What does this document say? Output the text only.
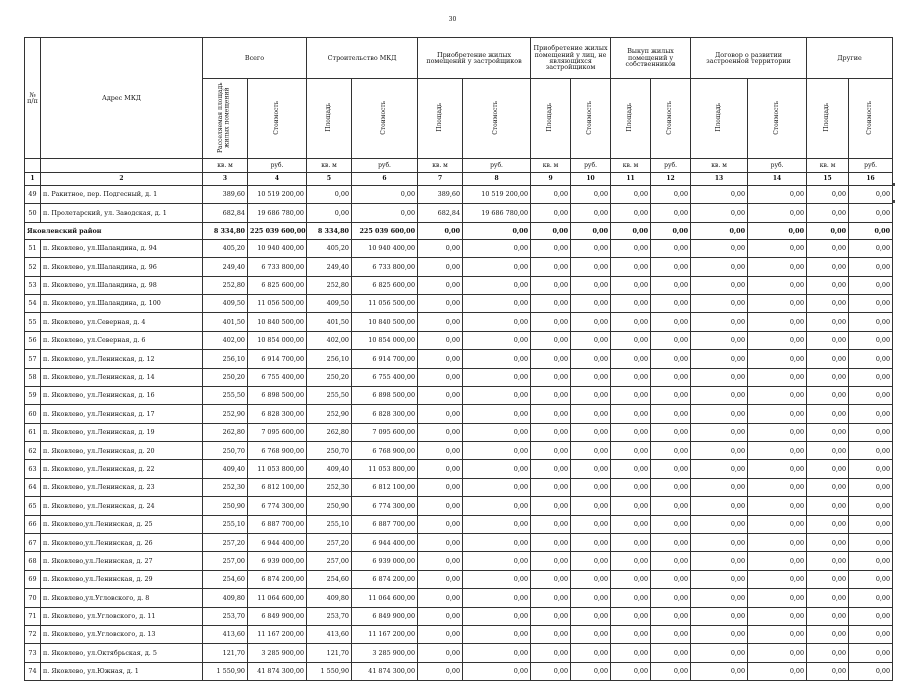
30
№ п/п	Адрес МКД	Всего		Строительство МКД		Приобретение жилых помещений у застройщиков		Приобретение жилых помещений у лиц, не являющихся застройщиком		Выкуп жилых помещений у собственников		Договор о развитии застроенной территории		Другие	
		Расселяемая площадь жилых помещений	Стоимость	Площадь	Стоимость	Площадь	Стоимость	Площадь	Стоимость	Площадь	Стоимость	Площадь	Стоимость	Площадь	Стоимость
		кв. м	руб.	кв. м	руб.	кв. м	руб.	кв. м	руб.	кв. м	руб.	кв. м	руб.	кв. м	руб.
1	2	3	4	5	6	7	8	9	10	11	12	13	14	15	16
49	п. Ракитное, пер. Подгесный, д. 1	389,60	10 519 200,00	0,00	0,00	389,60	10 519 200,00	0,00	0,00	0,00	0,00	0,00	0,00	0,00	0,00
50	п. Пролетарский, ул. Заводская, д. 1	682,84	19 686 780,00	0,00	0,00	682,84	19 686 780,00	0,00	0,00	0,00	0,00	0,00	0,00	0,00	0,00
Яковлевский район		8 334,80	225 039 600,00	8 334,80	225 039 600,00	0,00	0,00	0,00	0,00	0,00	0,00	0,00	0,00	0,00	0,00
51	п. Яковлево, ул.Шаландина, д. 94	405,20	10 940 400,00	405,20	10 940 400,00	0,00	0,00	0,00	0,00	0,00	0,00	0,00	0,00	0,00	0,00
52	п. Яковлево, ул.Шаландина, д. 96	249,40	6 733 800,00	249,40	6 733 800,00	0,00	0,00	0,00	0,00	0,00	0,00	0,00	0,00	0,00	0,00
53	п. Яковлево, ул.Шаландина, д. 98	252,80	6 825 600,00	252,80	6 825 600,00	0,00	0,00	0,00	0,00	0,00	0,00	0,00	0,00	0,00	0,00
54	п. Яковлево, ул.Шаландина, д. 100	409,50	11 056 500,00	409,50	11 056 500,00	0,00	0,00	0,00	0,00	0,00	0,00	0,00	0,00	0,00	0,00
55	п. Яковлево, ул.Северная, д. 4	401,50	10 840 500,00	401,50	10 840 500,00	0,00	0,00	0,00	0,00	0,00	0,00	0,00	0,00	0,00	0,00
56	п. Яковлево, ул.Северная, д. 6	402,00	10 854 000,00	402,00	10 854 000,00	0,00	0,00	0,00	0,00	0,00	0,00	0,00	0,00	0,00	0,00
57	п. Яковлево, ул.Ленинская, д. 12	256,10	6 914 700,00	256,10	6 914 700,00	0,00	0,00	0,00	0,00	0,00	0,00	0,00	0,00	0,00	0,00
58	п. Яковлево, ул.Ленинская, д. 14	250,20	6 755 400,00	250,20	6 755 400,00	0,00	0,00	0,00	0,00	0,00	0,00	0,00	0,00	0,00	0,00
59	п. Яковлево, ул.Ленинская, д. 16	255,50	6 898 500,00	255,50	6 898 500,00	0,00	0,00	0,00	0,00	0,00	0,00	0,00	0,00	0,00	0,00
60	п. Яковлево, ул.Ленинская, д. 17	252,90	6 828 300,00	252,90	6 828 300,00	0,00	0,00	0,00	0,00	0,00	0,00	0,00	0,00	0,00	0,00
61	п. Яковлево, ул.Ленинская, д. 19	262,80	7 095 600,00	262,80	7 095 600,00	0,00	0,00	0,00	0,00	0,00	0,00	0,00	0,00	0,00	0,00
62	п. Яковлево, ул.Ленинская, д. 20	250,70	6 768 900,00	250,70	6 768 900,00	0,00	0,00	0,00	0,00	0,00	0,00	0,00	0,00	0,00	0,00
63	п. Яковлево, ул.Ленинская, д. 22	409,40	11 053 800,00	409,40	11 053 800,00	0,00	0,00	0,00	0,00	0,00	0,00	0,00	0,00	0,00	0,00
64	п. Яковлево, ул.Ленинская, д. 23	252,30	6 812 100,00	252,30	6 812 100,00	0,00	0,00	0,00	0,00	0,00	0,00	0,00	0,00	0,00	0,00
65	п. Яковлево, ул.Ленинская, д. 24	250,90	6 774 300,00	250,90	6 774 300,00	0,00	0,00	0,00	0,00	0,00	0,00	0,00	0,00	0,00	0,00
66	п. Яковлево,ул.Ленинская, д. 25	255,10	6 887 700,00	255,10	6 887 700,00	0,00	0,00	0,00	0,00	0,00	0,00	0,00	0,00	0,00	0,00
67	п. Яковлево,ул.Ленинская, д. 26	257,20	6 944 400,00	257,20	6 944 400,00	0,00	0,00	0,00	0,00	0,00	0,00	0,00	0,00	0,00	0,00
68	п. Яковлево,ул.Ленинская, д. 27	257,00	6 939 000,00	257,00	6 939 000,00	0,00	0,00	0,00	0,00	0,00	0,00	0,00	0,00	0,00	0,00
69	п. Яковлево,ул.Ленинская, д. 29	254,60	6 874 200,00	254,60	6 874 200,00	0,00	0,00	0,00	0,00	0,00	0,00	0,00	0,00	0,00	0,00
70	п. Яковлево,ул.Угловского, д. 8	409,80	11 064 600,00	409,80	11 064 600,00	0,00	0,00	0,00	0,00	0,00	0,00	0,00	0,00	0,00	0,00
71	п. Яковлево, ул.Угловского, д. 11	253,70	6 849 900,00	253,70	6 849 900,00	0,00	0,00	0,00	0,00	0,00	0,00	0,00	0,00	0,00	0,00
72	п. Яковлево, ул.Угловского, д. 13	413,60	11 167 200,00	413,60	11 167 200,00	0,00	0,00	0,00	0,00	0,00	0,00	0,00	0,00	0,00	0,00
73	п. Яковлево, ул.Октябрьская, д. 5	121,70	3 285 900,00	121,70	3 285 900,00	0,00	0,00	0,00	0,00	0,00	0,00	0,00	0,00	0,00	0,00
74	п. Яковлево, ул.Южная, д. 1	1 550,90	41 874 300,00	1 550,90	41 874 300,00	0,00	0,00	0,00	0,00	0,00	0,00	0,00	0,00	0,00	0,00
